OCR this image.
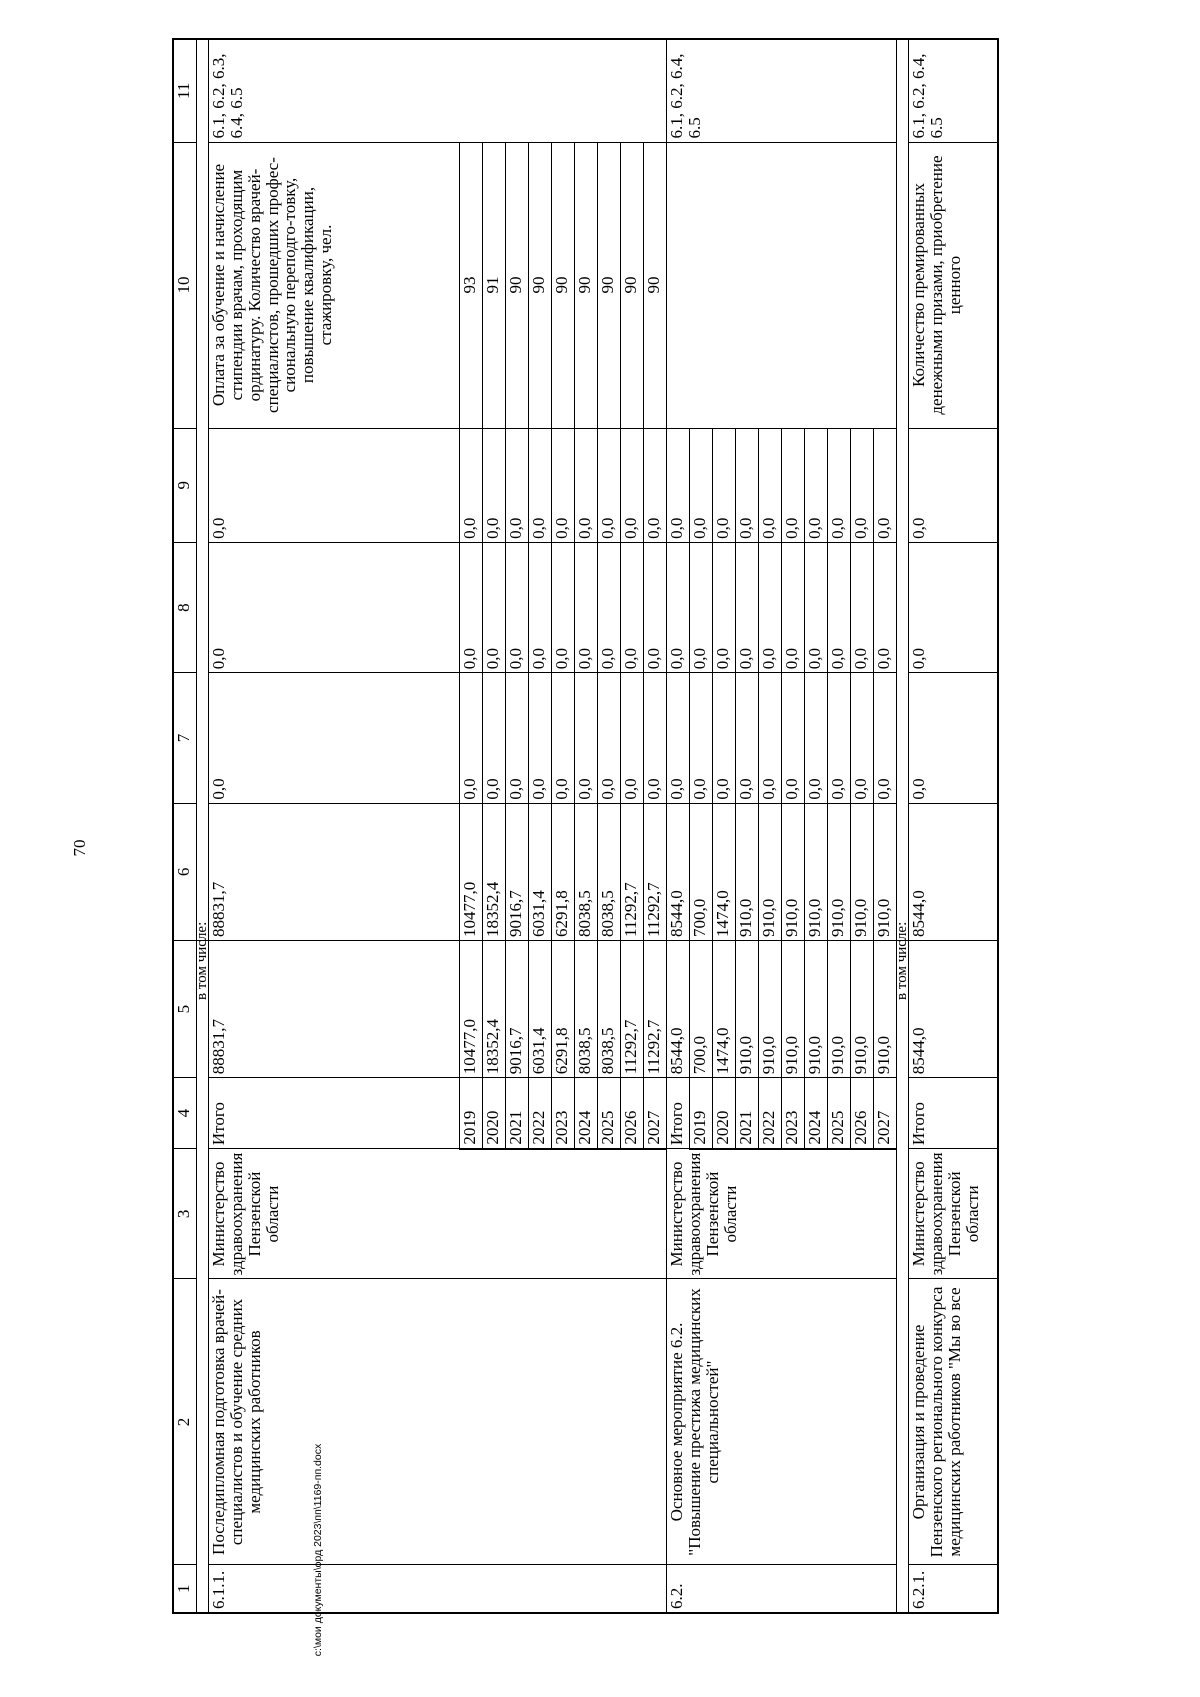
70
1	2	3	4	5	6	7	8	9	10	11
					в том числе:					
6.1.1.	Последипломная подготовка врачей-специалистов и обучение средних медицинских работников	Министерство здравоохранения Пензенской области	Итого	88831,7	88831,7	0,0	0,0	0,0	Оплата за обучение и начисление стипендии врачам, проходящим ординатуру. Количество врачей-специалистов, прошедших профес-сиональную переподго-товку, повышение квалификации, стажировку, чел.	6.1, 6.2, 6.3, 6.4, 6.5
			2019	10477,0	10477,0	0,0	0,0	0,0	93	
			2020	18352,4	18352,4	0,0	0,0	0,0	91	
			2021	9016,7	9016,7	0,0	0,0	0,0	90	
			2022	6031,4	6031,4	0,0	0,0	0,0	90	
			2023	6291,8	6291,8	0,0	0,0	0,0	90	
			2024	8038,5	8038,5	0,0	0,0	0,0	90	
			2025	8038,5	8038,5	0,0	0,0	0,0	90	
			2026	11292,7	11292,7	0,0	0,0	0,0	90	
			2027	11292,7	11292,7	0,0	0,0	0,0	90	
6.2.	Основное мероприятие 6.2. "Повышение престижа медицинских специальностей"	Министерство здравоохранения Пензенской области	Итого	8544,0	8544,0	0,0	0,0	0,0		6.1, 6.2, 6.4, 6.5
			2019	700,0	700,0	0,0	0,0	0,0		
			2020	1474,0	1474,0	0,0	0,0	0,0		
			2021	910,0	910,0	0,0	0,0	0,0		
			2022	910,0	910,0	0,0	0,0	0,0		
			2023	910,0	910,0	0,0	0,0	0,0		
			2024	910,0	910,0	0,0	0,0	0,0		
			2025	910,0	910,0	0,0	0,0	0,0		
			2026	910,0	910,0	0,0	0,0	0,0		
			2027	910,0	910,0	0,0	0,0	0,0		
					в том числе:					
6.2.1.	Организация и проведение Пензенского регионального конкурса медицинских работников "Мы во все	Министерство здравоохранения Пензенской области	Итого	8544,0	8544,0	0,0	0,0	0,0	Количество премированных денежными призами, приобретение ценного	6.1, 6.2, 6.4, 6.5
c:\мои документы\орд 2023\пп\1169-пп.docx
